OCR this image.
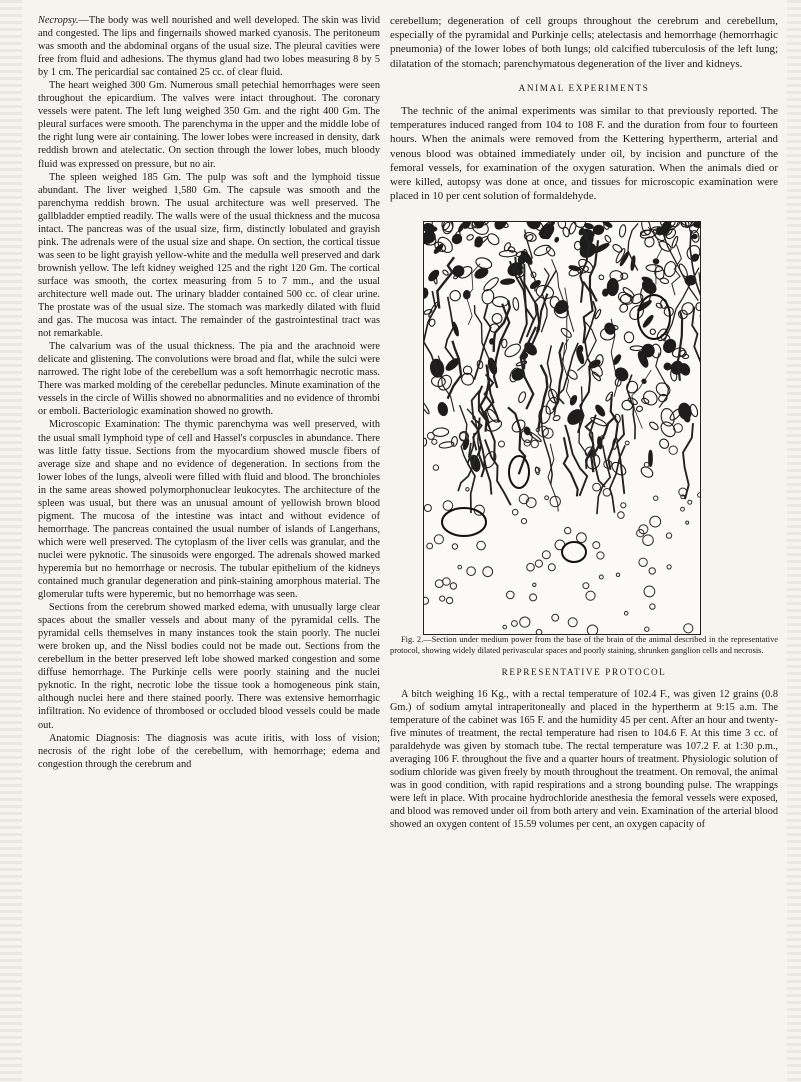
Necropsy.—The body was well nourished and well developed. The skin was livid and congested. The lips and fingernails showed marked cyanosis. The peritoneum was smooth and the abdominal organs of the usual size. The pleural cavities were free from fluid and adhesions. The thymus gland had two lobes measuring 8 by 5 by 1 cm. The pericardial sac contained 25 cc. of clear fluid.

The heart weighed 300 Gm. Numerous small petechial hemorrhages were seen throughout the epicardium. The valves were intact throughout. The coronary vessels were patent. The left lung weighed 350 Gm. and the right 400 Gm. The pleural surfaces were smooth. The parenchyma in the upper and the middle lobe of the right lung were air containing. The lower lobes were increased in density, dark reddish brown and atelectatic. On section through the lower lobes, much bloody fluid was expressed on pressure, but no air.

The spleen weighed 185 Gm. The pulp was soft and the lymphoid tissue abundant. The liver weighed 1,580 Gm. The capsule was smooth and the parenchyma reddish brown. The usual architecture was well preserved. The gallbladder emptied readily. The walls were of the usual thickness and the mucosa intact. The pancreas was of the usual size, firm, distinctly lobulated and grayish pink. The adrenals were of the usual size and shape. On section, the cortical tissue was seen to be light grayish yellow-white and the medulla well preserved and dark brownish yellow. The left kidney weighed 125 and the right 120 Gm. The cortical surface was smooth, the cortex measuring from 5 to 7 mm., and the usual architecture well made out. The urinary bladder contained 500 cc. of clear urine. The prostate was of the usual size. The stomach was markedly dilated with fluid and gas. The mucosa was intact. The remainder of the gastrointestinal tract was not remarkable.

The calvarium was of the usual thickness. The pia and the arachnoid were delicate and glistening. The convolutions were broad and flat, while the sulci were narrowed. The right lobe of the cerebellum was a soft hemorrhagic necrotic mass. There was marked molding of the cerebellar peduncles. Minute examination of the vessels in the circle of Willis showed no abnormalities and no evidence of thrombi or emboli. Bacteriologic examination showed no growth.

Microscopic Examination: The thymic parenchyma was well preserved, with the usual small lymphoid type of cell and Hassel's corpuscles in abundance. There was little fatty tissue. Sections from the myocardium showed muscle fibers of average size and shape and no evidence of degeneration. In sections from the lower lobes of the lungs, alveoli were filled with fluid and blood. The bronchioles in the same areas showed polymorphonuclear leukocytes. The architecture of the spleen was usual, but there was an unusual amount of yellowish brown blood pigment. The mucosa of the intestine was intact and without evidence of hemorrhage. The pancreas contained the usual number of islands of Langerhans, which were well preserved. The cytoplasm of the liver cells was granular, and the nuclei were pyknotic. The sinusoids were engorged. The adrenals showed marked hyperemia but no hemorrhage or necrosis. The tubular epithelium of the kidneys contained much granular degeneration and pink-staining amorphous material. The glomerular tufts were hyperemic, but no hemorrhage was seen.

Sections from the cerebrum showed marked edema, with unusually large clear spaces about the smaller vessels and about many of the pyramidal cells. The pyramidal cells themselves in many instances took the stain poorly. The nuclei were broken up, and the Nissl bodies could not be made out. Sections from the cerebellum in the better preserved left lobe showed marked congestion and some diffuse hemorrhage. The Purkinje cells were poorly staining and the nuclei pyknotic. In the right, necrotic lobe the tissue took a homogeneous pink stain, although nuclei here and there stained poorly. There was extensive hemorrhagic infiltration. No evidence of thrombosed or occluded blood vessels could be made out.

Anatomic Diagnosis: The diagnosis was acute iritis, with loss of vision; necrosis of the right lobe of the cerebellum, with hemorrhage; edema and congestion through the cerebrum and

cerebellum; degeneration of cell groups throughout the cerebrum and cerebellum, especially of the pyramidal and Purkinje cells; atelectasis and hemorrhage (hemorrhagic pneumonia) of the lower lobes of both lungs; old calcified tuberculosis of the left lung; dilatation of the stomach; parenchymatous degeneration of the liver and kidneys.

ANIMAL EXPERIMENTS

The technic of the animal experiments was similar to that previously reported. The temperatures induced ranged from 104 to 108 F. and the duration from four to fourteen hours. When the animals were removed from the Kettering hypertherm, arterial and venous blood was obtained immediately under oil, by incision and puncture of the femoral vessels, for examination of the oxygen saturation. When the animals died or were killed, autopsy was done at once, and tissues for microscopic examination were placed in 10 per cent solution of formaldehyde.

Fig. 2.—Section under medium power from the base of the brain of the animal described in the representative protocol, showing widely dilated perivascular spaces and poorly staining, shrunken ganglion cells and necrosis.

REPRESENTATIVE PROTOCOL

A bitch weighing 16 Kg., with a rectal temperature of 102.4 F., was given 12 grains (0.8 Gm.) of sodium amytal intraperitoneally and placed in the hypertherm at 9:15 a.m. The temperature of the cabinet was 165 F. and the humidity 45 per cent. After an hour and twenty-five minutes of treatment, the rectal temperature had risen to 104.6 F. At this time 3 cc. of paraldehyde was given by stomach tube. The rectal temperature was 107.2 F. at 1:30 p.m., averaging 106 F. throughout the five and a quarter hours of treatment. Physiologic solution of sodium chloride was given freely by mouth throughout the treatment. On removal, the animal was in good condition, with rapid respirations and a strong bounding pulse. The wrappings were left in place. With procaine hydrochloride anesthesia the femoral vessels were exposed, and blood was removed under oil from both artery and vein. Examination of the arterial blood showed an oxygen content of 15.59 volumes per cent, an oxygen capacity of
